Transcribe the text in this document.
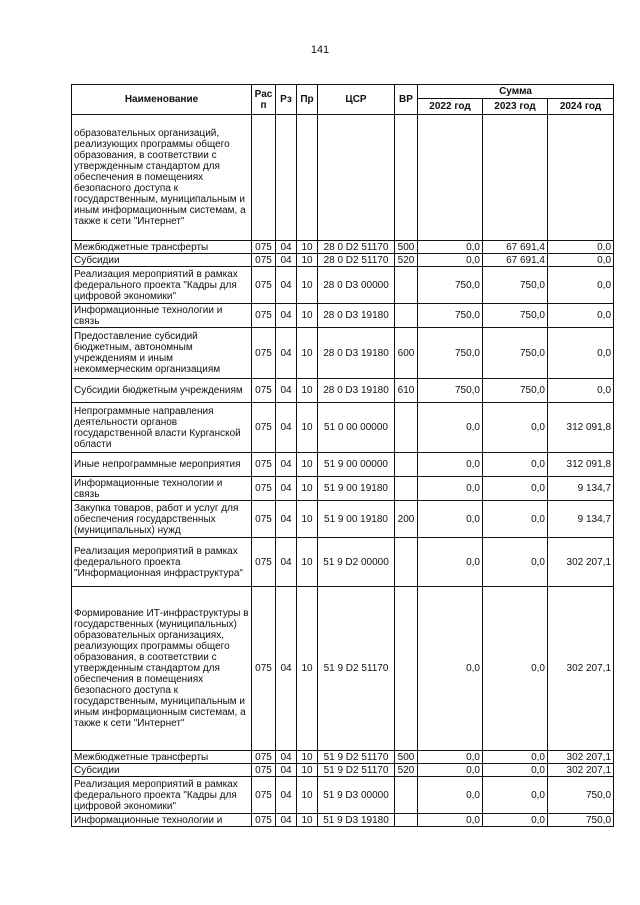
141
Наименование	Рас п	Рз	Пр	ЦСР	ВР	Сумма		
						2022 год	2023 год	2024 год
образовательных организаций, реализующих программы общего образования, в соответствии с утвержденным стандартом для обеспечения в помещениях безопасного доступа к государственным, муниципальным и иным информационным системам, а также к сети "Интернет"								
Межбюджетные трансферты	075	04	10	28 0 D2 51170	500	0,0	67 691,4	0,0
Субсидии	075	04	10	28 0 D2 51170	520	0,0	67 691,4	0,0
Реализация мероприятий в рамках федерального проекта "Кадры для цифровой экономики"	075	04	10	28 0 D3 00000		750,0	750,0	0,0
Информационные технологии и связь	075	04	10	28 0 D3 19180		750,0	750,0	0,0
Предоставление субсидий бюджетным, автономным учреждениям и иным некоммерческим организациям	075	04	10	28 0 D3 19180	600	750,0	750,0	0,0
Субсидии бюджетным учреждениям	075	04	10	28 0 D3 19180	610	750,0	750,0	0,0
Непрограммные направления деятельности органов государственной власти Курганской области	075	04	10	51 0 00 00000		0,0	0,0	312 091,8
Иные непрограммные мероприятия	075	04	10	51 9 00 00000		0,0	0,0	312 091,8
Информационные технологии и связь	075	04	10	51 9 00 19180		0,0	0,0	9 134,7
Закупка товаров, работ и услуг для обеспечения государственных (муниципальных) нужд	075	04	10	51 9 00 19180	200	0,0	0,0	9 134,7
Реализация мероприятий в рамках федерального проекта "Информационная инфраструктура"	075	04	10	51 9 D2 00000		0,0	0,0	302 207,1
Формирование ИТ-инфраструктуры в государственных (муниципальных) образовательных организациях, реализующих программы общего образования, в соответствии с утвержденным стандартом для обеспечения в помещениях безопасного доступа к государственным, муниципальным и иным информационным системам, а также к сети "Интернет"	075	04	10	51 9 D2 51170		0,0	0,0	302 207,1
Межбюджетные трансферты	075	04	10	51 9 D2 51170	500	0,0	0,0	302 207,1
Субсидии	075	04	10	51 9 D2 51170	520	0,0	0,0	302 207,1
Реализация мероприятий в рамках федерального проекта "Кадры для цифровой экономики"	075	04	10	51 9 D3 00000		0,0	0,0	750,0
Информационные технологии и	075	04	10	51 9 D3 19180		0,0	0,0	750,0
